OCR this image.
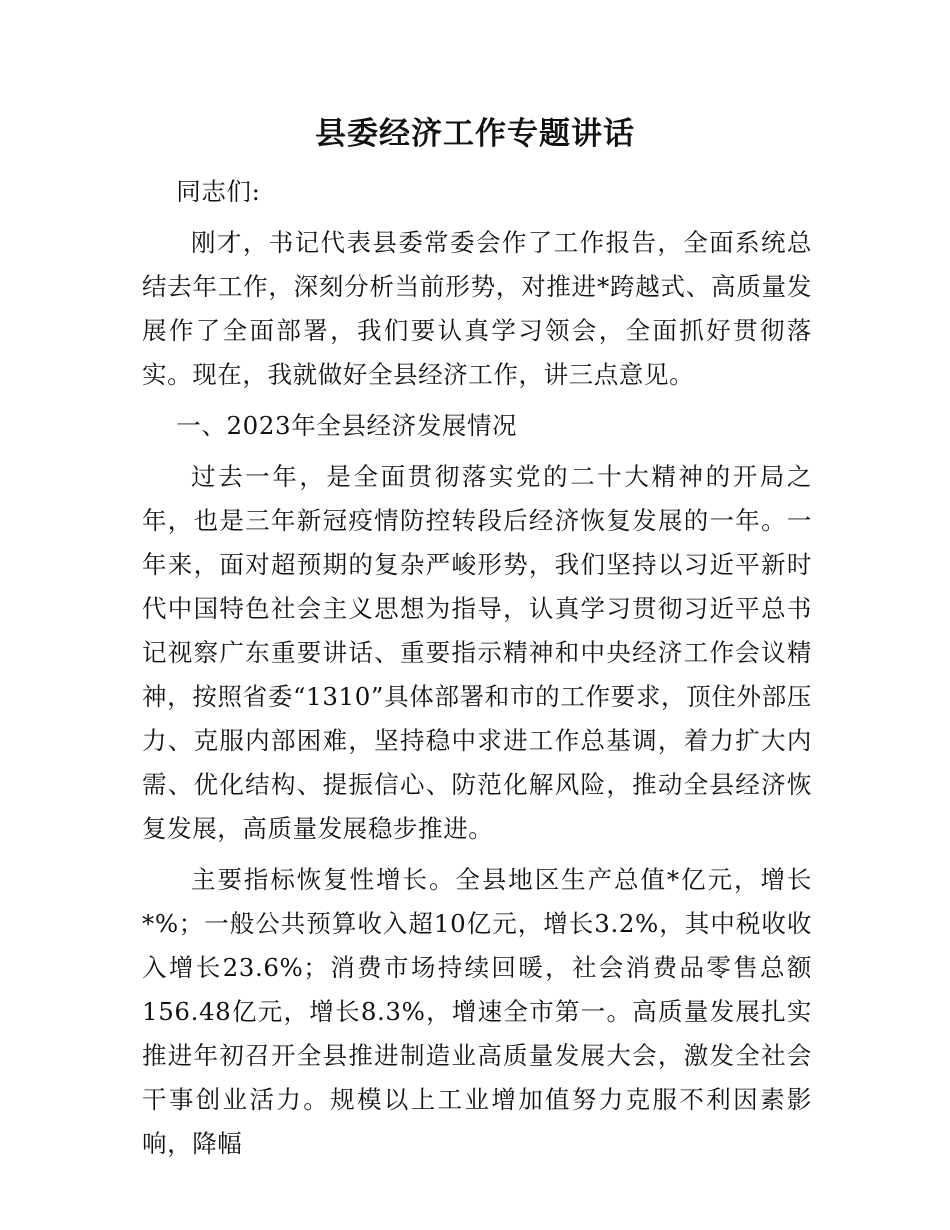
县委经济工作专题讲话

同志们:

刚才，书记代表县委常委会作了工作报告，全面系统总结去年工作，深刻分析当前形势，对推进*跨越式、高质量发展作了全面部署，我们要认真学习领会，全面抓好贯彻落实。现在，我就做好全县经济工作，讲三点意见。

一、2023年全县经济发展情况

过去一年，是全面贯彻落实党的二十大精神的开局之年，也是三年新冠疫情防控转段后经济恢复发展的一年。一年来，面对超预期的复杂严峻形势，我们坚持以习近平新时代中国特色社会主义思想为指导，认真学习贯彻习近平总书记视察广东重要讲话、重要指示精神和中央经济工作会议精神，按照省委“1310”具体部署和市的工作要求，顶住外部压力、克服内部困难，坚持稳中求进工作总基调，着力扩大内需、优化结构、提振信心、防范化解风险，推动全县经济恢复发展，高质量发展稳步推进。

主要指标恢复性增长。全县地区生产总值*亿元，增长*%；一般公共预算收入超10亿元，增长3.2%，其中税收收入增长23.6%；消费市场持续回暖，社会消费品零售总额156.48亿元，增长8.3%，增速全市第一。高质量发展扎实推进年初召开全县推进制造业高质量发展大会，激发全社会干事创业活力。规模以上工业增加值努力克服不利因素影响，降幅
